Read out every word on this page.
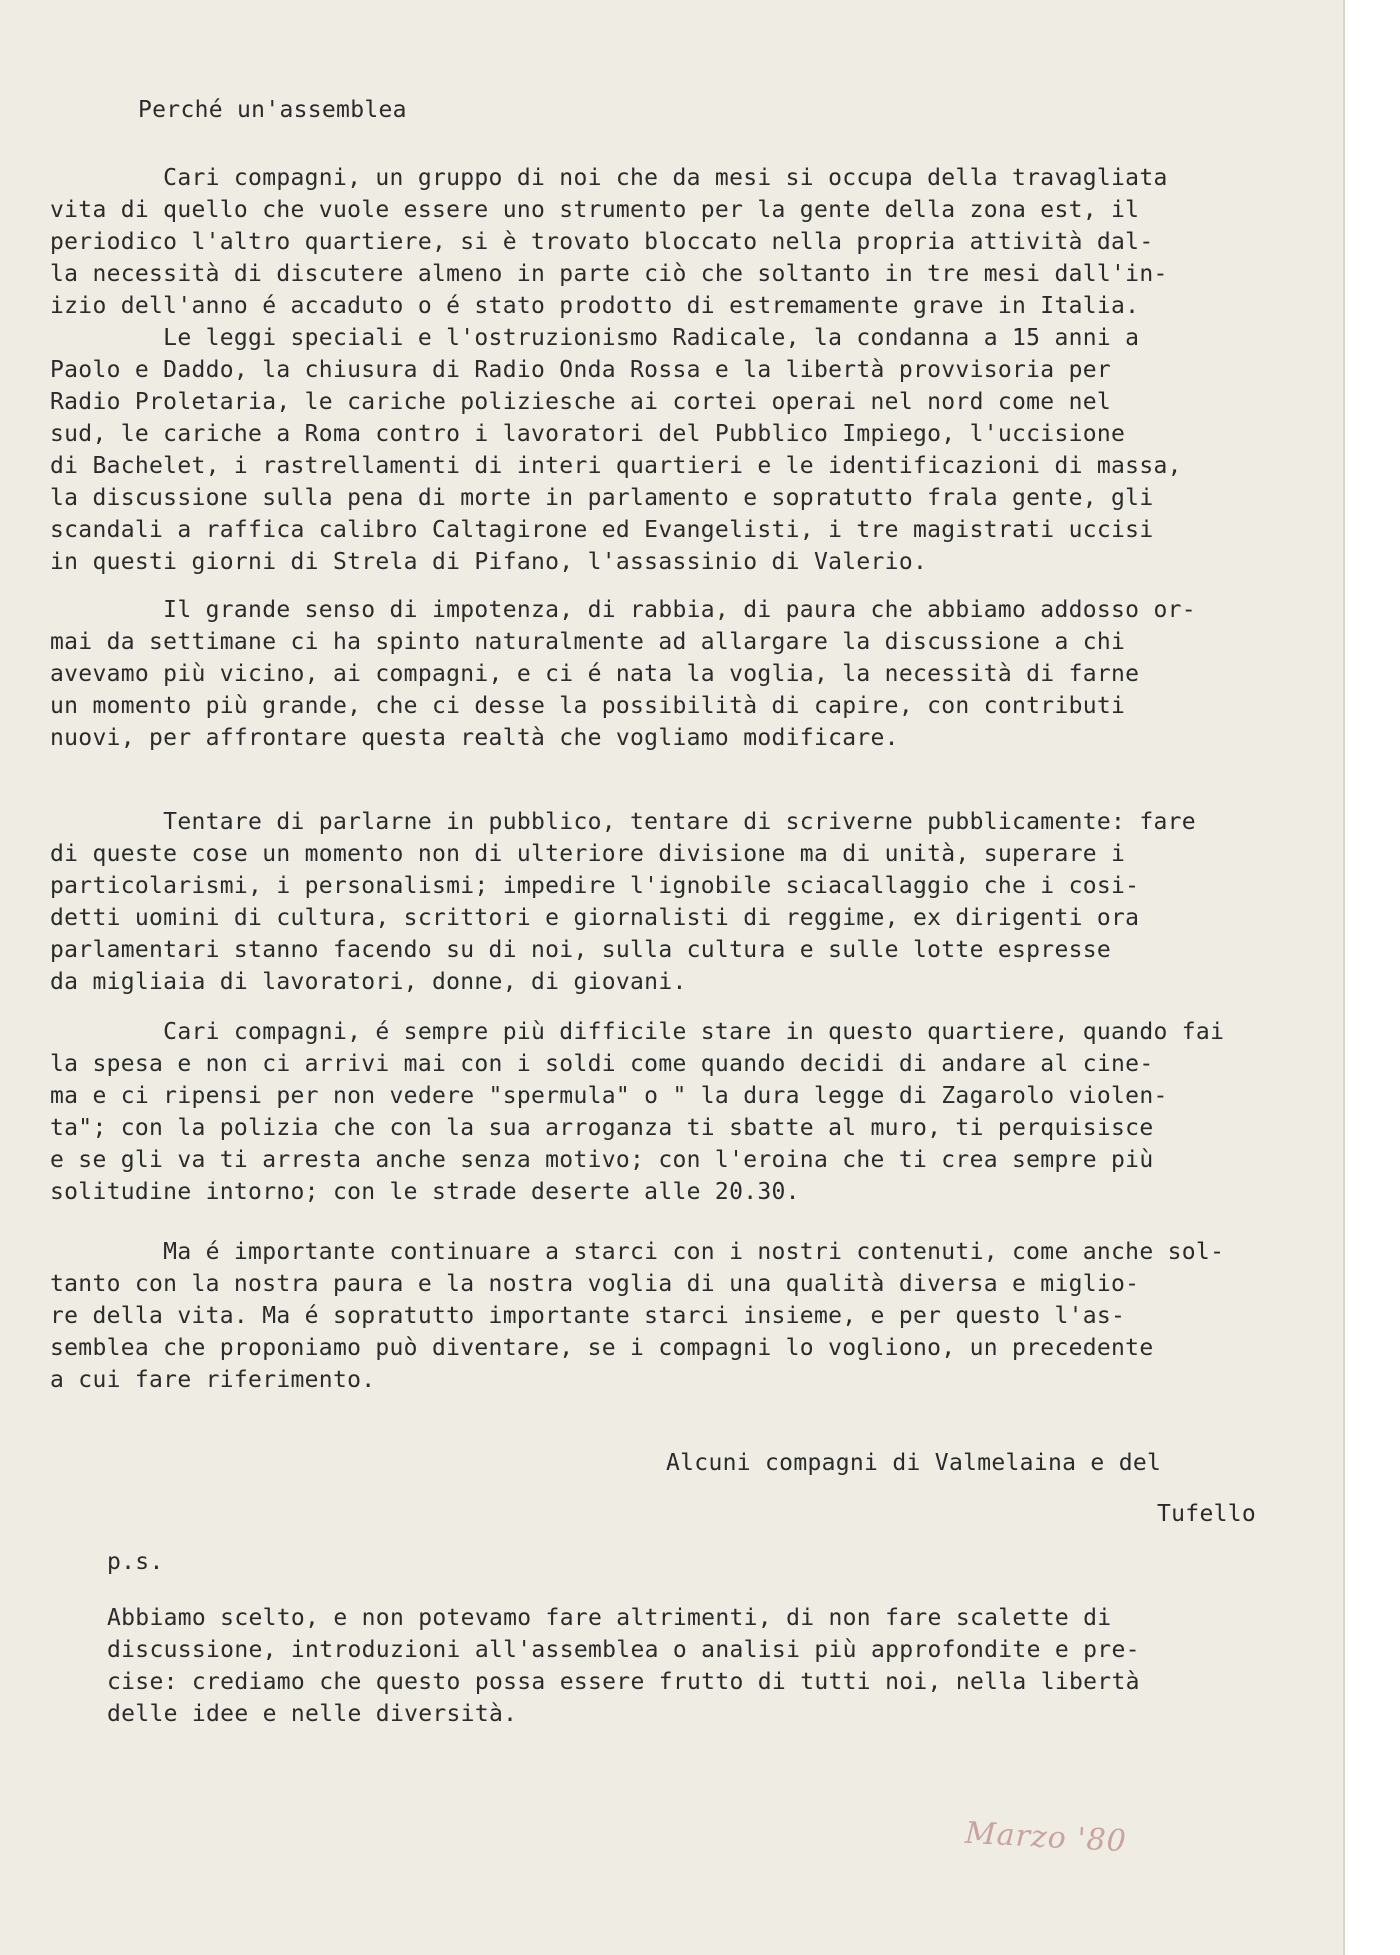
Perché un'assemblea

Cari compagni, un gruppo di noi che da mesi si occupa della travagliata
vita di quello che vuole essere uno strumento per la gente della zona est, il
periodico l'altro quartiere, si è trovato bloccato nella propria attività dal-
la necessità di discutere almeno in parte ciò che soltanto in tre mesi dall'in-
izio dell'anno é accaduto o é stato prodotto di estremamente grave in Italia.
Le leggi speciali e l'ostruzionismo Radicale, la condanna a 15 anni a
Paolo e Daddo, la chiusura di Radio Onda Rossa e la libertà provvisoria per
Radio Proletaria, le cariche poliziesche ai cortei operai nel nord come nel
sud, le cariche a Roma contro i lavoratori del Pubblico Impiego, l'uccisione
di Bachelet, i rastrellamenti di interi quartieri e le identificazioni di massa,
la discussione sulla pena di morte in parlamento e sopratutto frala gente, gli
scandali a raffica calibro Caltagirone ed Evangelisti, i tre magistrati uccisi
in questi giorni di Strela di Pifano, l'assassinio di Valerio.

Il grande senso di impotenza, di rabbia, di paura che abbiamo addosso or-
mai da settimane ci ha spinto naturalmente ad allargare la discussione a chi
avevamo più vicino, ai compagni, e ci é nata la voglia, la necessità di farne
un momento più grande, che ci desse la possibilità di capire, con contributi
nuovi, per affrontare questa realtà che vogliamo modificare.

Tentare di parlarne in pubblico, tentare di scriverne pubblicamente: fare
di queste cose un momento non di ulteriore divisione ma di unità, superare i
particolarismi, i personalismi; impedire l'ignobile sciacallaggio che i cosi-
detti uomini di cultura, scrittori e giornalisti di reggime, ex dirigenti ora
parlamentari stanno facendo su di noi, sulla cultura e sulle lotte espresse
da migliaia di lavoratori, donne, di giovani.

Cari compagni, é sempre più difficile stare in questo quartiere, quando fai
la spesa e non ci arrivi mai con i soldi come quando decidi di andare al cine-
ma e ci ripensi per non vedere "spermula" o " la dura legge di Zagarolo violen-
ta"; con la polizia che con la sua arroganza ti sbatte al muro, ti perquisisce
e se gli va ti arresta anche senza motivo; con l'eroina che ti crea sempre più
solitudine intorno; con le strade deserte alle 20.30.

Ma é importante continuare a starci con i nostri contenuti, come anche sol-
tanto con la nostra paura e la nostra voglia di una qualità diversa e miglio-
re della vita. Ma é sopratutto importante starci insieme, e per questo l'as-
semblea che proponiamo può diventare, se i compagni lo vogliono, un precedente
a cui fare riferimento.

Alcuni compagni di Valmelaina e del

Tufello

p.s.

Abbiamo scelto, e non potevamo fare altrimenti, di non fare scalette di
discussione, introduzioni all'assemblea o analisi più approfondite e pre-
cise: crediamo che questo possa essere frutto di tutti noi, nella libertà
delle idee e nelle diversità.

Marzo '80
